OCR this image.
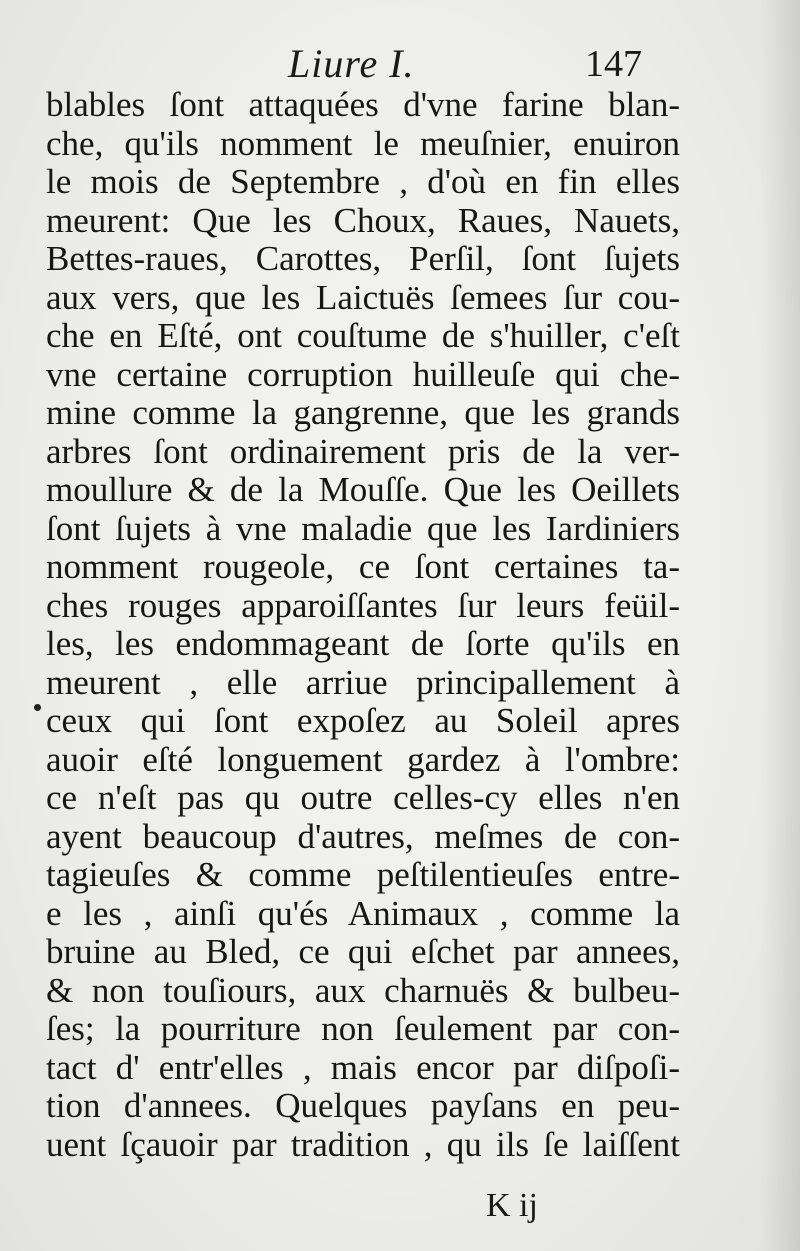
Liure I.	147
blables ſont attaquées d'vne farine blan-
che, qu'ils nomment le meuſnier, enuiron
le mois de Septembre , d'où en fin elles
meurent: Que les Choux, Raues, Nauets,
Bettes-raues, Carottes, Perſil, ſont ſujets
aux vers, que les Laictuës ſemees ſur cou-
che en Eſté, ont couſtume de s'huiller, c'eſt
vne certaine corruption huilleuſe qui che-
mine comme la gangrenne, que les grands
arbres ſont ordinairement pris de la ver-
moullure & de la Mouſſe. Que les Oeillets
ſont ſujets à vne maladie que les Iardiniers
nomment rougeole, ce ſont certaines ta-
ches rouges apparoiſſantes ſur leurs feüil-
les, les endommageant de ſorte qu'ils en
meurent , elle arriue principallement à
ceux qui ſont expoſez au Soleil apres
auoir eſté longuement gardez à l'ombre:
ce n'eſt pas qu outre celles-cy elles n'en
ayent beaucoup d'autres, meſmes de con-
tagieuſes & comme peſtilentieuſes entre-
e les , ainſi qu'és Animaux , comme la
bruine au Bled, ce qui eſchet par annees,
& non touſiours, aux charnuës & bulbeu-
ſes; la pourriture non ſeulement par con-
tact d' entr'elles , mais encor par diſpoſi-
tion d'annees. Quelques payſans en peu-
uent ſçauoir par tradition , qu ils ſe laiſſent
K ij
